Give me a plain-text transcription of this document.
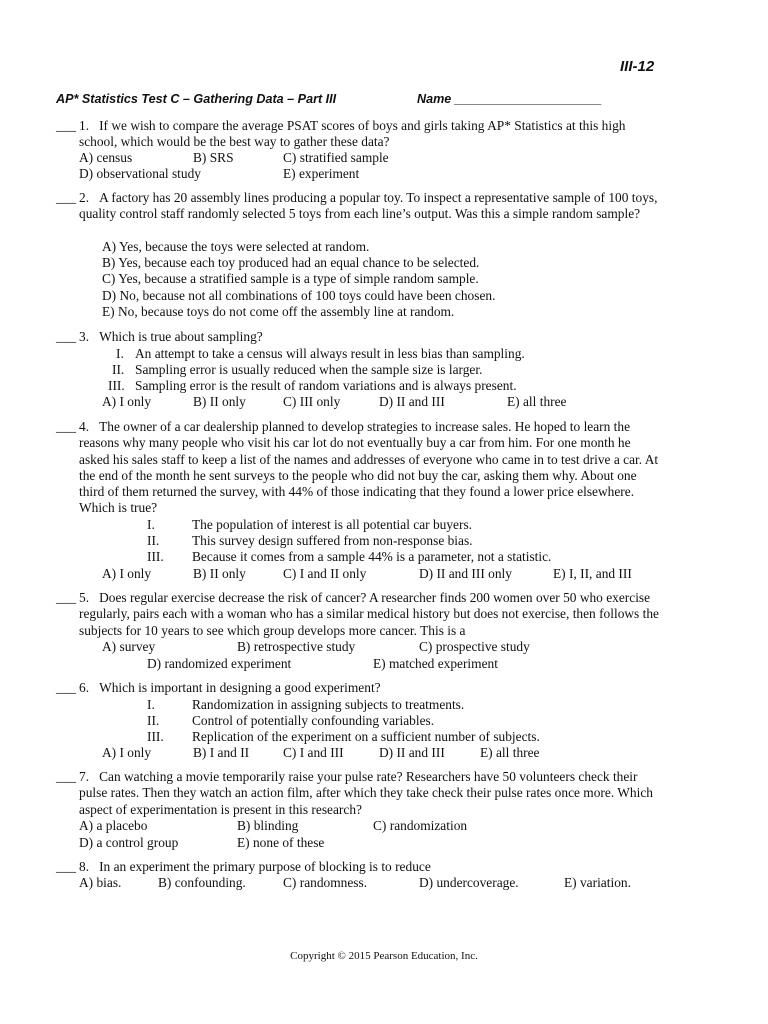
III-12
AP* Statistics Test C – Gathering Data – Part III	Name _____________________
___ 1. If we wish to compare the average PSAT scores of boys and girls taking AP* Statistics at this high school, which would be the best way to gather these data?
A) census	B) SRS	C) stratified sample
D) observational study	E) experiment
___ 2. A factory has 20 assembly lines producing a popular toy. To inspect a representative sample of 100 toys, quality control staff randomly selected 5 toys from each line’s output. Was this a simple random sample?
A) Yes, because the toys were selected at random.
B) Yes, because each toy produced had an equal chance to be selected.
C) Yes, because a stratified sample is a type of simple random sample.
D) No, because not all combinations of 100 toys could have been chosen.
E) No, because toys do not come off the assembly line at random.
___ 3. Which is true about sampling?
I. An attempt to take a census will always result in less bias than sampling.
II. Sampling error is usually reduced when the sample size is larger.
III. Sampling error is the result of random variations and is always present.
A) I only	B) II only	C) III only	D) II and III	E) all three
___ 4. The owner of a car dealership planned to develop strategies to increase sales. He hoped to learn the reasons why many people who visit his car lot do not eventually buy a car from him. For one month he asked his sales staff to keep a list of the names and addresses of everyone who came in to test drive a car. At the end of the month he sent surveys to the people who did not buy the car, asking them why. About one third of them returned the survey, with 44% of those indicating that they found a lower price elsewhere. Which is true?
I.	The population of interest is all potential car buyers.
II. This survey design suffered from non-response bias.
III. Because it comes from a sample 44% is a parameter, not a statistic.
A) I only	B) II only	C) I and II only	D) II and III only	E) I, II, and III
___ 5. Does regular exercise decrease the risk of cancer? A researcher finds 200 women over 50 who exercise regularly, pairs each with a woman who has a similar medical history but does not exercise, then follows the subjects for 10 years to see which group develops more cancer. This is a
A) survey	B) retrospective study	C) prospective study
D) randomized experiment	E) matched experiment
___ 6. Which is important in designing a good experiment?
I.	Randomization in assigning subjects to treatments.
II. Control of potentially confounding variables.
III. Replication of the experiment on a sufficient number of subjects.
A) I only	B) I and II	C) I and III	D) II and III	E) all three
___ 7. Can watching a movie temporarily raise your pulse rate? Researchers have 50 volunteers check their pulse rates. Then they watch an action film, after which they take check their pulse rates once more. Which aspect of experimentation is present in this research?
A) a placebo	B) blinding	C) randomization
D) a control group	E) none of these
___ 8. In an experiment the primary purpose of blocking is to reduce
A) bias.	B) confounding.	C) randomness.	D) undercoverage.	E) variation.
Copyright © 2015 Pearson Education, Inc.
